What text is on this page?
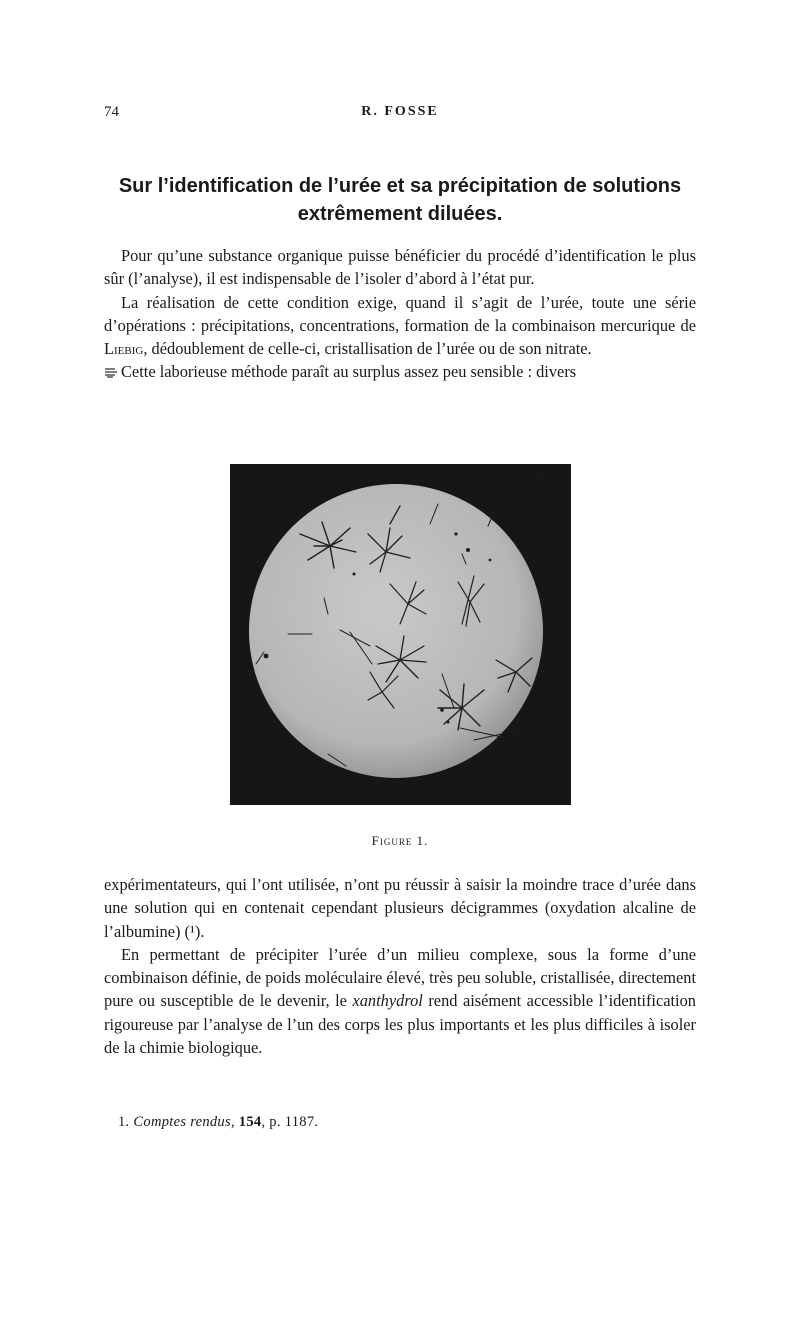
74	R. FOSSE
Sur l’identification de l’urée et sa précipitation de solutions
extrêmement diluées.

Pour qu’une substance organique puisse bénéficier du procédé d’identification le plus sûr (l’analyse), il est indispensable de l’isoler d’abord à l’état pur.

La réalisation de cette condition exige, quand il s’agit de l’urée, toute une série d’opérations : précipitations, concentrations, formation de la combinaison mercurique de Liebig, dédoublement de celle-ci, cristallisation de l’urée ou de son nitrate.

Cette laborieuse méthode paraît au surplus assez peu sensible : divers

Figure 1.

expérimentateurs, qui l’ont utilisée, n’ont pu réussir à saisir la moindre trace d’urée dans une solution qui en contenait cependant plusieurs décigrammes (oxydation alcaline de l’albumine) (¹).

En permettant de précipiter l’urée d’un milieu complexe, sous la forme d’une combinaison définie, de poids moléculaire élevé, très peu soluble, cristallisée, directement pure ou susceptible de le devenir, le xanthydrol rend aisément accessible l’identification rigoureuse par l’analyse de l’un des corps les plus importants et les plus difficiles à isoler de la chimie biologique.

1. Comptes rendus, 154, p. 1187.
